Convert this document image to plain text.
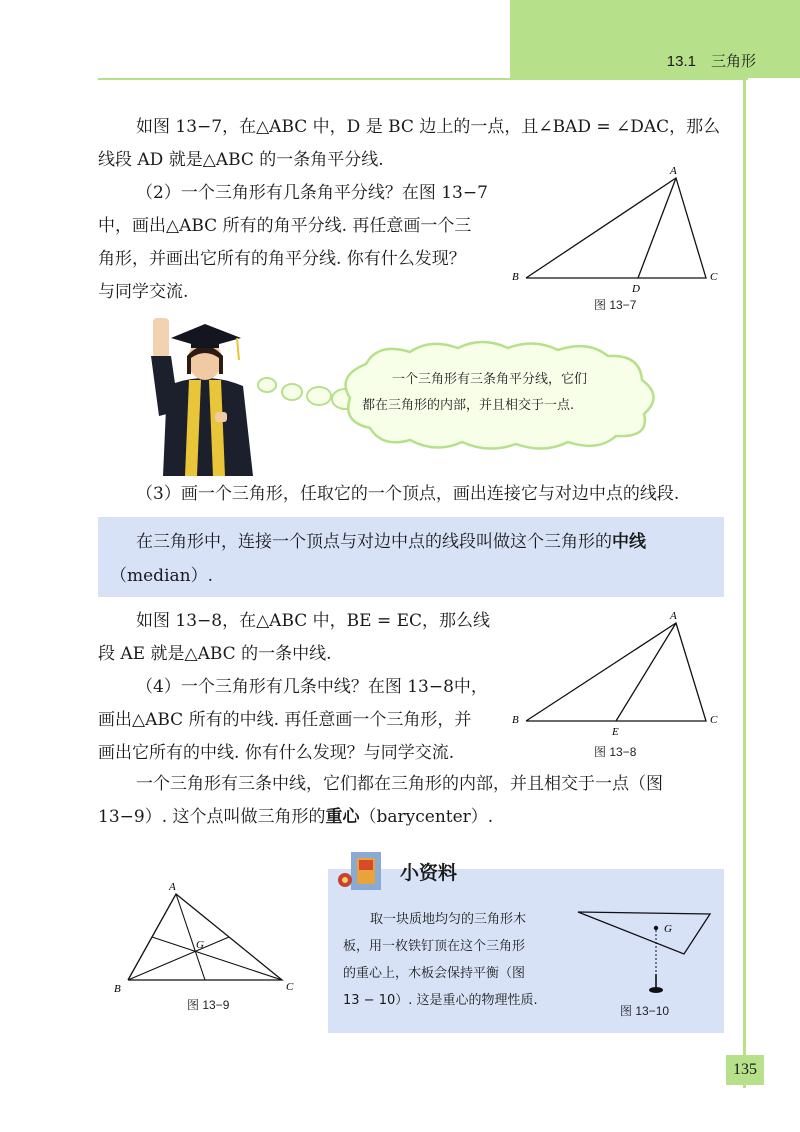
13.1　三角形
如图 13−7，在△ABC 中，D 是 BC 边上的一点，且∠BAD = ∠DAC，那么
线段 AD 就是△ABC 的一条角平分线.
（2）一个三角形有几条角平分线？在图 13−7
中，画出△ABC 所有的角平分线. 再任意画一个三
角形，并画出它所有的角平分线. 你有什么发现？
与同学交流.
A
B	C
D
图 13−7
一个三角形有三条角平分线，它们
都在三角形的内部，并且相交于一点.
（3）画一个三角形，任取它的一个顶点，画出连接它与对边中点的线段.
在三角形中，连接一个顶点与对边中点的线段叫做这个三角形的中线
（median）.
如图 13−8，在△ABC 中，BE = EC，那么线
段 AE 就是△ABC 的一条中线.
（4）一个三角形有几条中线？在图 13−8中，
画出△ABC 所有的中线. 再任意画一个三角形，并
画出它所有的中线. 你有什么发现？与同学交流.
A
B	C
E
图 13−8
一个三角形有三条中线，它们都在三角形的内部，并且相交于一点（图
13−9）. 这个点叫做三角形的重心（barycenter）.
A
B	C
G
图 13−9
小资料
取一块质地均匀的三角形木
板，用一枚铁钉顶在这个三角形
的重心上，木板会保持平衡（图
13 − 10）. 这是重心的物理性质.
G
图 13−10
135
